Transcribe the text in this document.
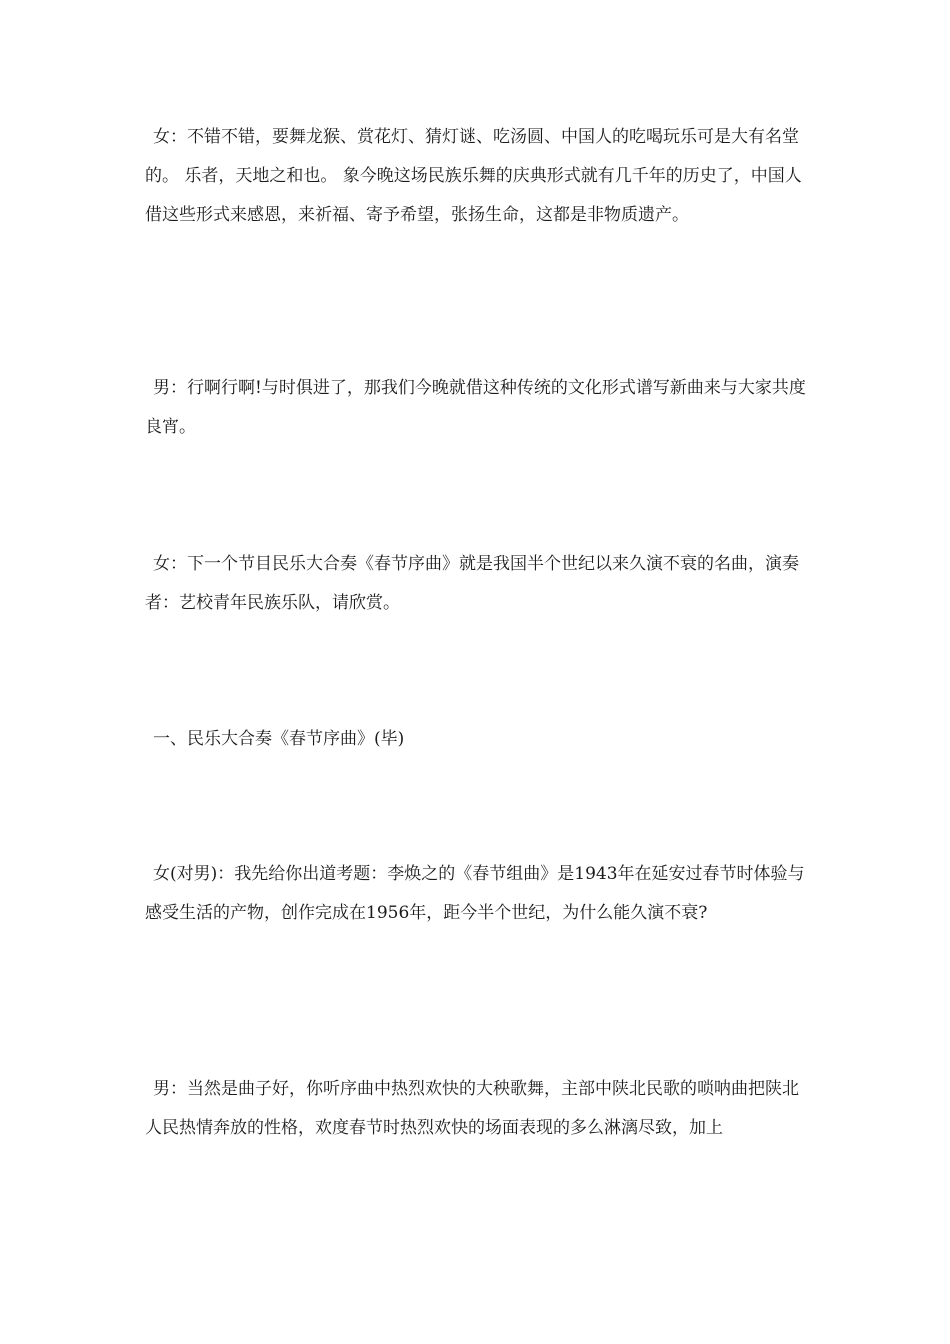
女：不错不错，要舞龙猴、赏花灯、猜灯谜、吃汤圆、中国人的吃喝玩乐可是大有名堂的。 乐者，天地之和也。 象今晚这场民族乐舞的庆典形式就有几千年的历史了，中国人借这些形式来感恩，来祈福、寄予希望，张扬生命，这都是非物质遗产。

男：行啊行啊!与时俱进了，那我们今晚就借这种传统的文化形式谱写新曲来与大家共度良宵。

女：下一个节目民乐大合奏《春节序曲》就是我国半个世纪以来久演不衰的名曲，演奏者：艺校青年民族乐队，请欣赏。

一、民乐大合奏《春节序曲》(毕)

女(对男)：我先给你出道考题：李焕之的《春节组曲》是1943年在延安过春节时体验与感受生活的产物，创作完成在1956年，距今半个世纪，为什么能久演不衰?

男：当然是曲子好，你听序曲中热烈欢快的大秧歌舞，主部中陕北民歌的唢呐曲把陕北人民热情奔放的性格，欢度春节时热烈欢快的场面表现的多么淋漓尽致，加上
